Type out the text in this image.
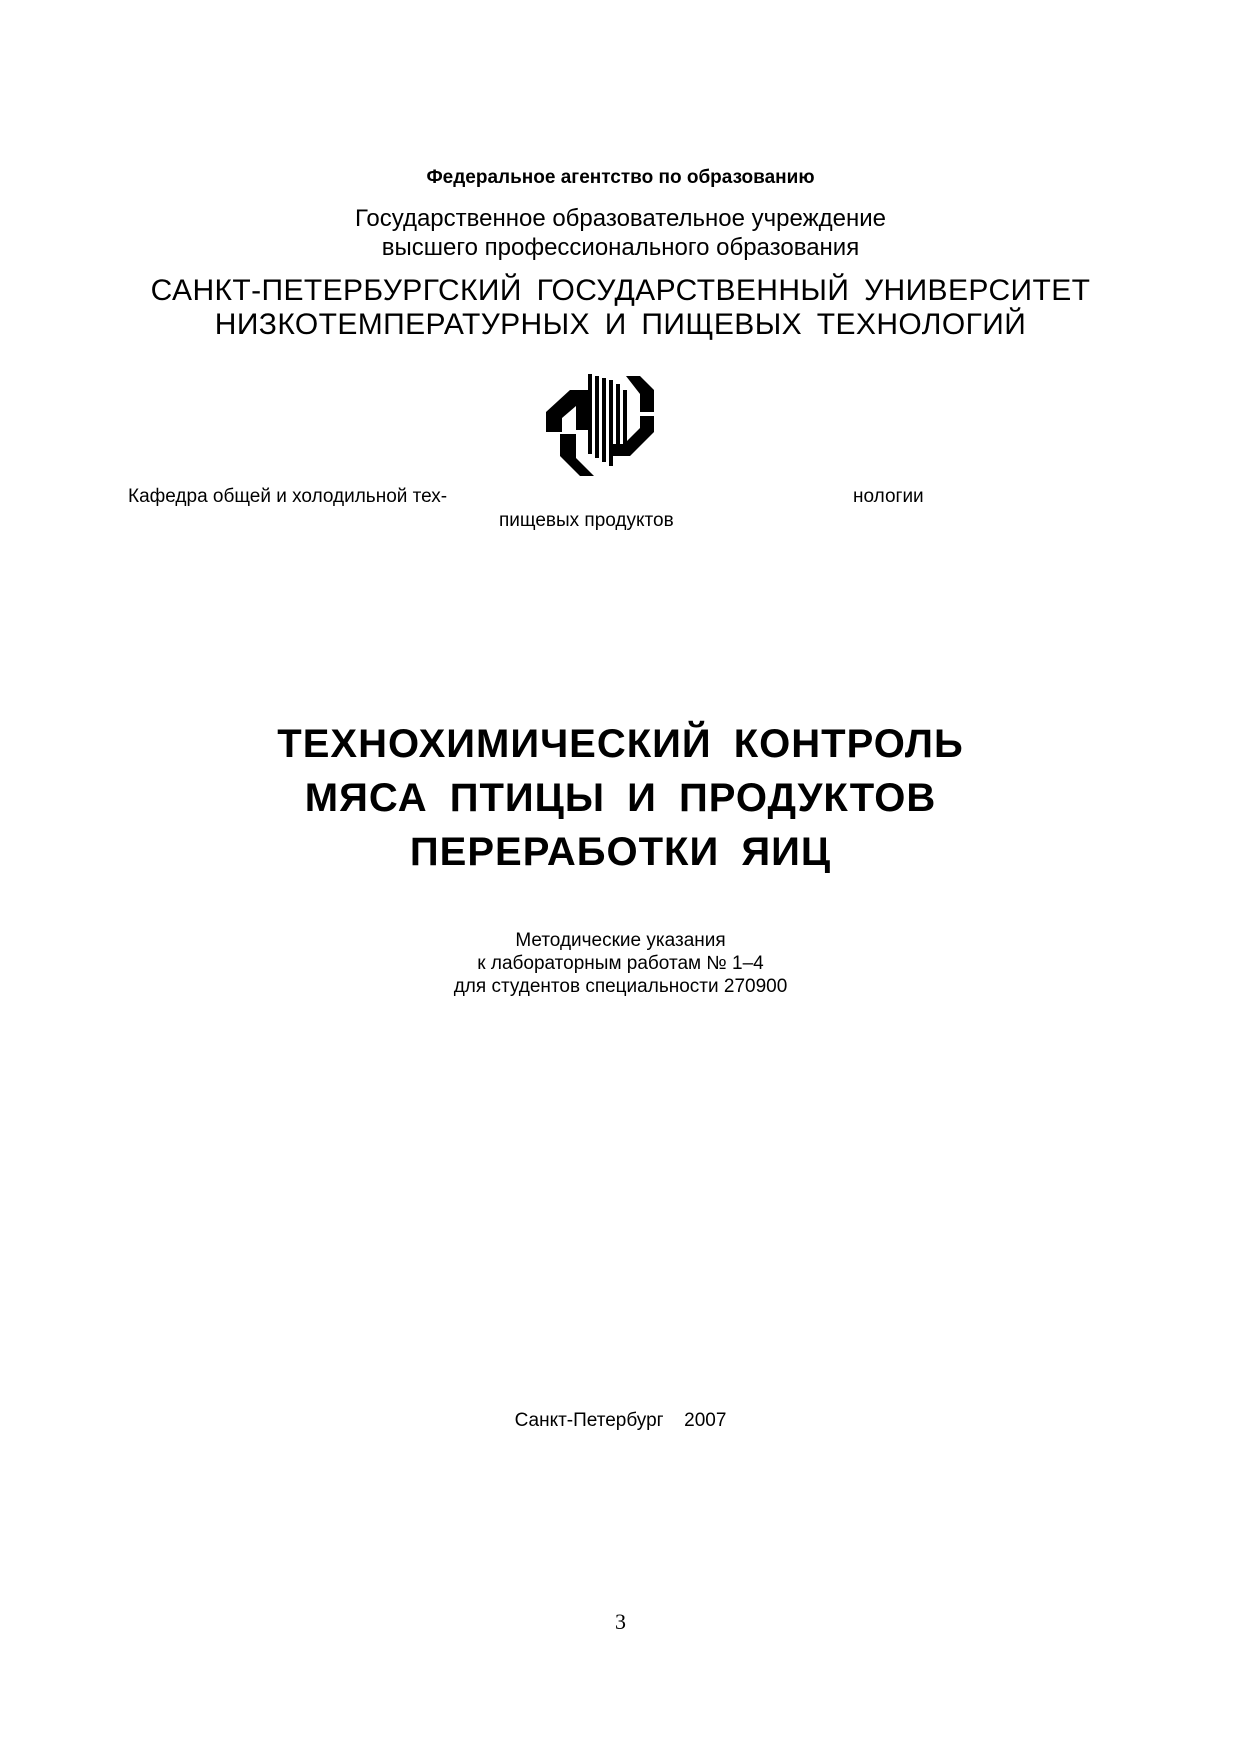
Федеральное агентство по образованию
Государственное образовательное учреждение
высшего профессионального образования
САНКТ-ПЕТЕРБУРГСКИЙ ГОСУДАРСТВЕННЫЙ УНИВЕРСИТЕТ
НИЗКОТЕМПЕРАТУРНЫХ И ПИЩЕВЫХ ТЕХНОЛОГИЙ
Кафедра общей и холодильной тех-	нологии
пищевых продуктов
ТЕХНОХИМИЧЕСКИЙ КОНТРОЛЬ
МЯСА ПТИЦЫ И ПРОДУКТОВ
ПЕРЕРАБОТКИ ЯИЦ
Методические указания
к лабораторным работам № 1–4
для студентов специальности 270900
Санкт-Петербург  2007
3
